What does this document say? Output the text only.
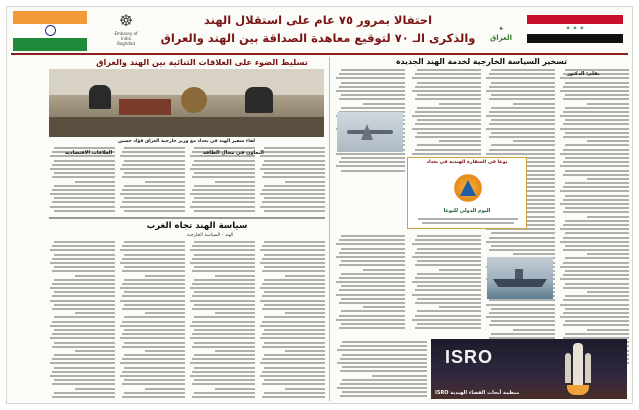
☸
Embassy of India
Baghdad
احتفالا بمرور ٧٥ عام على استقلال الهند
والذكرى الـ ٧٠ لتوقيع معاهدة الصداقة بين الهند والعراق
✦
العراق
✶ ✶ ✶
تسليط الضوء على العلاقات الثنائية بين الهند والعراق
لقاء سفير الهند في بغداد مع وزير خارجية العراق فؤاد حسين
العلاقات الاقتصادية	التعاون في مجال الطاقة
سياسة الهند تجاه الغرب
الهند - السياسة الخارجية
تسخير السياسة الخارجية لخدمة الهند الجديدة
بقلم: الدكتور
يوغا في السفارة الهندية في بغداد
اليوم الدولي لليوغا
ISRO
منظمة أبحاث الفضاء الهندية ISRO
